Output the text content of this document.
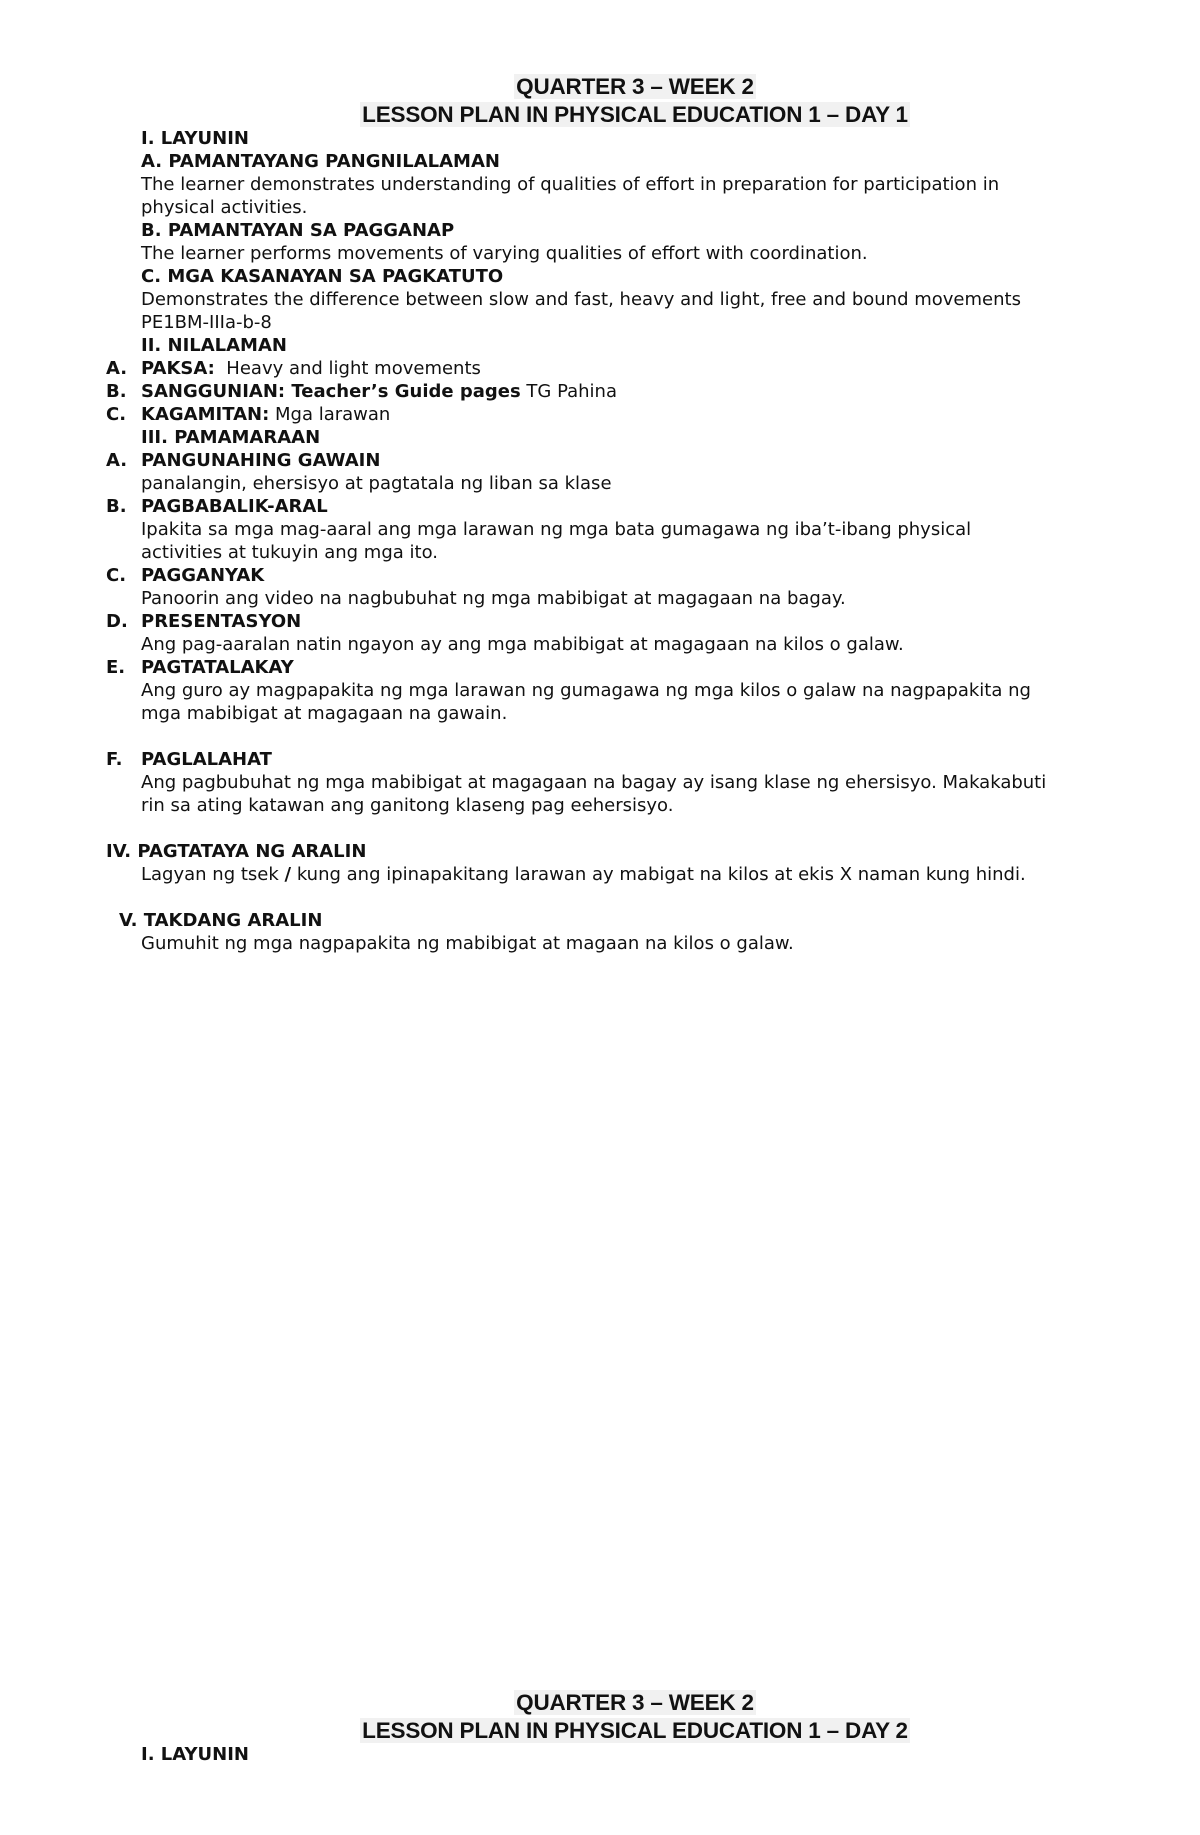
QUARTER 3 – WEEK 2
LESSON PLAN IN PHYSICAL EDUCATION 1 – DAY 1
I. LAYUNIN
A. PAMANTAYANG PANGNILALAMAN
The learner demonstrates understanding of qualities of effort in preparation for participation in
physical activities.
B. PAMANTAYAN SA PAGGANAP
The learner performs movements of varying qualities of effort with coordination.
C. MGA KASANAYAN SA PAGKATUTO
Demonstrates the difference between slow and fast, heavy and light, free and bound movements
PE1BM-IIIa-b-8
II. NILALAMAN
A. PAKSA:  Heavy and light movements
B. SANGGUNIAN: Teacher’s Guide pages TG Pahina
C. KAGAMITAN: Mga larawan
III. PAMAMARAAN
A. PANGUNAHING GAWAIN
panalangin, ehersisyo at pagtatala ng liban sa klase
B. PAGBABALIK-ARAL
Ipakita sa mga mag-aaral ang mga larawan ng mga bata gumagawa ng iba’t-ibang physical
activities at tukuyin ang mga ito.
C. PAGGANYAK
Panoorin ang video na nagbubuhat ng mga mabibigat at magagaan na bagay.
D. PRESENTASYON
Ang pag-aaralan natin ngayon ay ang mga mabibigat at magagaan na kilos o galaw.
E. PAGTATALAKAY
Ang guro ay magpapakita ng mga larawan ng gumagawa ng mga kilos o galaw na nagpapakita ng
mga mabibigat at magagaan na gawain.
F. PAGLALAHAT
Ang pagbubuhat ng mga mabibigat at magagaan na bagay ay isang klase ng ehersisyo. Makakabuti
rin sa ating katawan ang ganitong klaseng pag eehersisyo.
IV. PAGTATAYA NG ARALIN
Lagyan ng tsek / kung ang ipinapakitang larawan ay mabigat na kilos at ekis X naman kung hindi.
V. TAKDANG ARALIN
Gumuhit ng mga nagpapakita ng mabibigat at magaan na kilos o galaw.
QUARTER 3 – WEEK 2
LESSON PLAN IN PHYSICAL EDUCATION 1 – DAY 2
I. LAYUNIN
